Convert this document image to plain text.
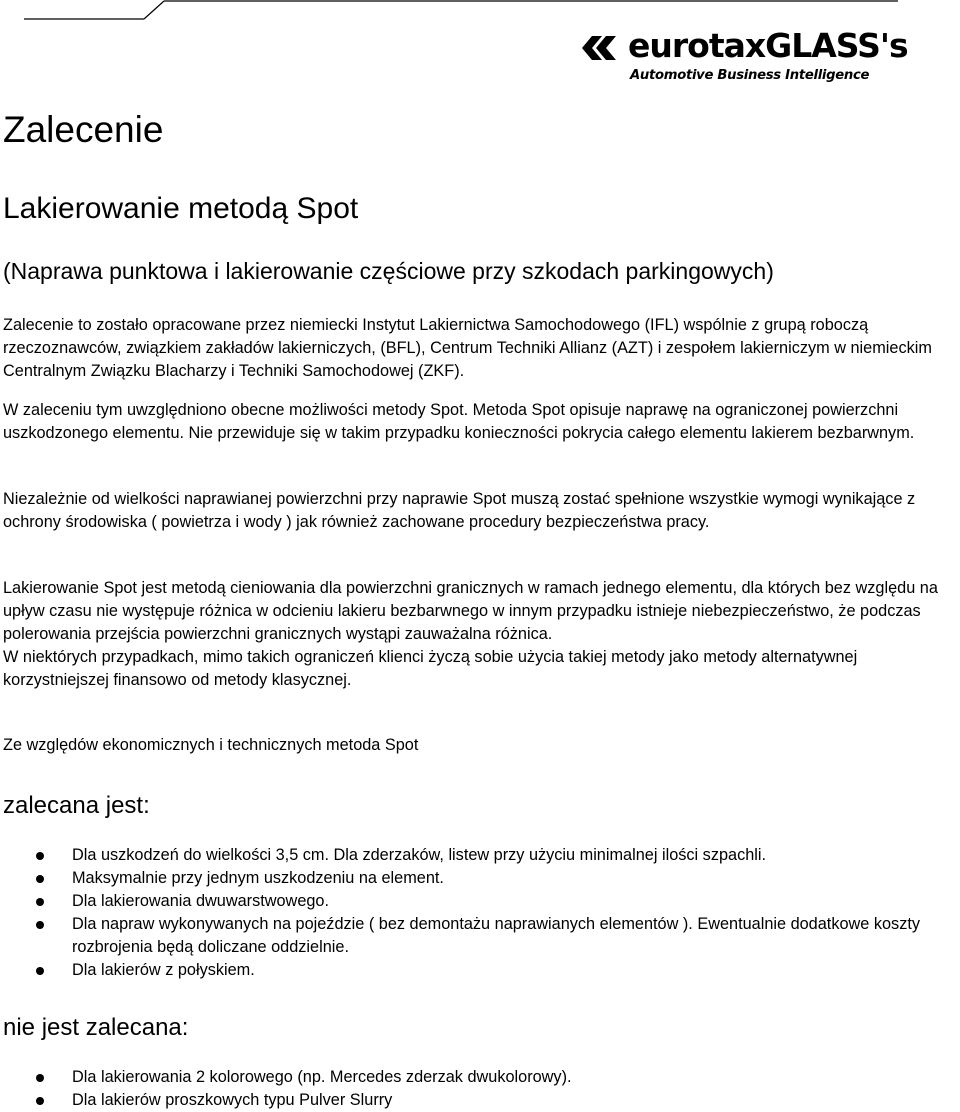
eurotaxGLASS's
Automotive Business Intelligence
Zalecenie
Lakierowanie metodą Spot
(Naprawa punktowa i lakierowanie częściowe przy szkodach parkingowych)

Zalecenie to zostało opracowane przez niemiecki Instytut Lakiernictwa Samochodowego (IFL) wspólnie z grupą roboczą rzeczoznawców, związkiem zakładów lakierniczych, (BFL), Centrum Techniki Allianz (AZT) i zespołem lakierniczym w niemieckim Centralnym Związku Blacharzy i Techniki Samochodowej (ZKF).

W zaleceniu tym uwzględniono obecne możliwości metody Spot. Metoda Spot opisuje naprawę na ograniczonej powierzchni uszkodzonego elementu. Nie przewiduje się w takim przypadku konieczności pokrycia całego elementu lakierem bezbarwnym.

Niezależnie od wielkości naprawianej powierzchni przy naprawie Spot muszą zostać spełnione wszystkie wymogi wynikające z ochrony środowiska ( powietrza i wody ) jak również zachowane procedury bezpieczeństwa pracy.

Lakierowanie Spot jest metodą cieniowania dla powierzchni granicznych w ramach jednego elementu, dla których bez względu na upływ czasu nie występuje różnica w odcieniu lakieru bezbarwnego w innym przypadku istnieje niebezpieczeństwo, że podczas polerowania przejścia powierzchni granicznych wystąpi zauważalna różnica.
W niektórych przypadkach, mimo takich ograniczeń klienci życzą sobie użycia takiej metody jako metody alternatywnej korzystniejszej finansowo od metody klasycznej.

Ze względów ekonomicznych i technicznych metoda Spot

zalecana jest:
Dla uszkodzeń do wielkości 3,5 cm. Dla zderzaków, listew przy użyciu minimalnej ilości szpachli.
Maksymalnie przy jednym uszkodzeniu na element.
Dla lakierowania dwuwarstwowego.
Dla napraw wykonywanych na pojeździe ( bez demontażu naprawianych elementów ). Ewentualnie dodatkowe koszty rozbrojenia będą doliczane oddzielnie.
Dla lakierów z połyskiem.
nie jest zalecana:
Dla lakierowania 2 kolorowego (np. Mercedes zderzak dwukolorowy).
Dla lakierów proszkowych typu Pulver Slurry
